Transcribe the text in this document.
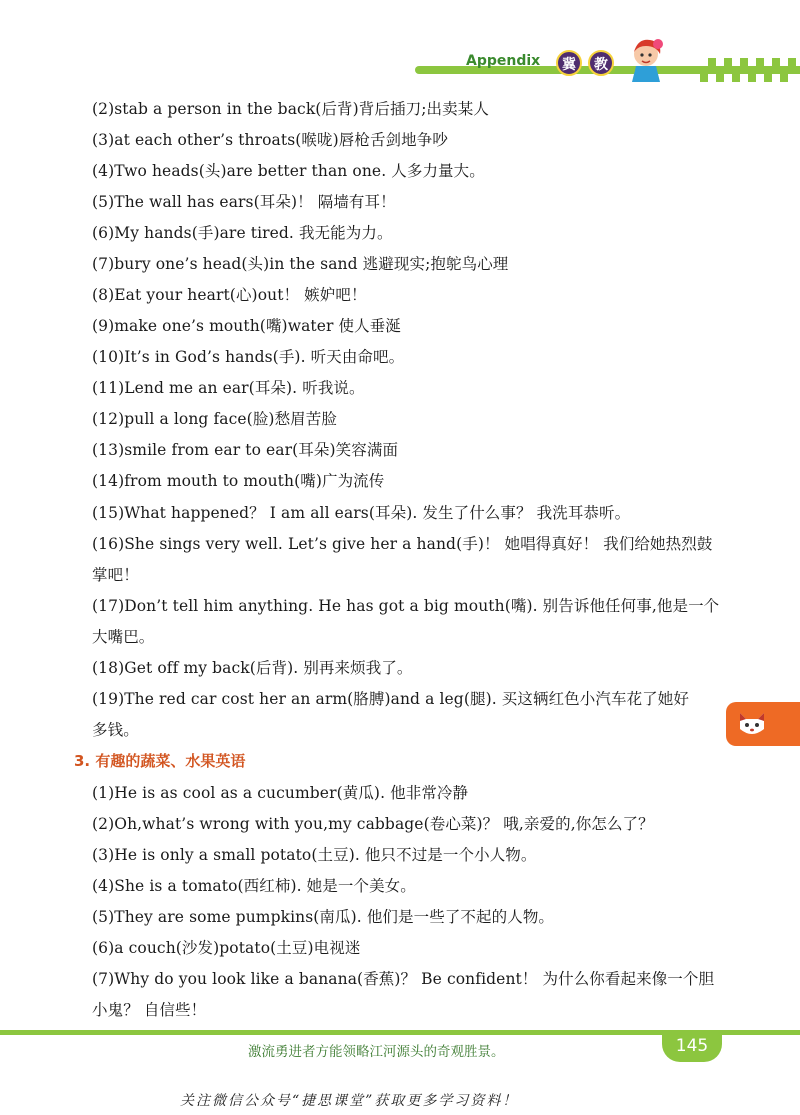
Appendix	冀	教
(2)stab a person in the back(后背)背后插刀;出卖某人
(3)at each other’s throats(喉咙)唇枪舌剑地争吵
(4)Two heads(头)are better than one. 人多力量大。
(5)The wall has ears(耳朵)！ 隔墙有耳！
(6)My hands(手)are tired. 我无能为力。
(7)bury one’s head(头)in the sand 逃避现实;抱鸵鸟心理
(8)Eat your heart(心)out！ 嫉妒吧！
(9)make one’s mouth(嘴)water 使人垂涎
(10)It’s in God’s hands(手). 听天由命吧。
(11)Lend me an ear(耳朵). 听我说。
(12)pull a long face(脸)愁眉苦脸
(13)smile from ear to ear(耳朵)笑容满面
(14)from mouth to mouth(嘴)广为流传
(15)What happened？ I am all ears(耳朵). 发生了什么事？ 我洗耳恭听。
(16)She sings very well. Let’s give her a hand(手)！ 她唱得真好！ 我们给她热烈鼓
掌吧！
(17)Don’t tell him anything. He has got a big mouth(嘴). 别告诉他任何事,他是一个
大嘴巴。
(18)Get off my back(后背). 别再来烦我了。
(19)The red car cost her an arm(胳膊)and a leg(腿). 买这辆红色小汽车花了她好
多钱。
3. 有趣的蔬菜、水果英语
(1)He is as cool as a cucumber(黄瓜). 他非常冷静
(2)Oh,what’s wrong with you,my cabbage(卷心菜)？ 哦,亲爱的,你怎么了？
(3)He is only a small potato(土豆). 他只不过是一个小人物。
(4)She is a tomato(西红柿). 她是一个美女。
(5)They are some pumpkins(南瓜). 他们是一些了不起的人物。
(6)a couch(沙发)potato(土豆)电视迷
(7)Why do you look like a banana(香蕉)？ Be confident！ 为什么你看起来像一个胆
小鬼？ 自信些！
激流勇进者方能领略江河源头的奇观胜景。	145
关注微信公众号“捷思课堂”获取更多学习资料！
